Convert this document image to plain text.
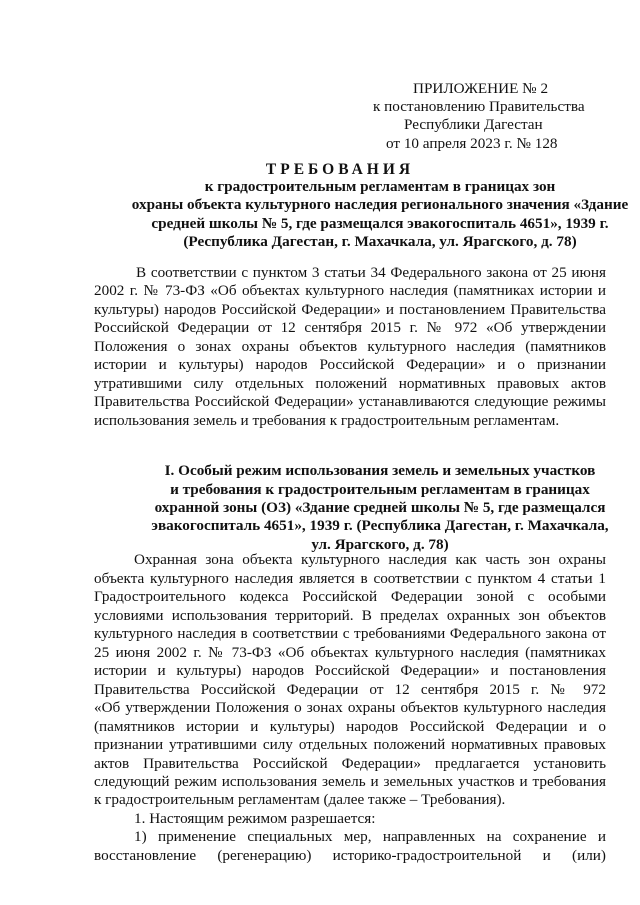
ПРИЛОЖЕНИЕ № 2
к постановлению Правительства
Республики Дагестан
от 10 апреля 2023 г. № 128
ТРЕБОВАНИЯ
к градостроительным регламентам в границах зон
охраны объекта культурного наследия регионального значения «Здание
средней школы № 5, где размещался эвакогоспиталь 4651», 1939 г.
(Республика Дагестан, г. Махачкала, ул. Ярагского, д. 78)
В соответствии с пунктом 3 статьи 34 Федерального закона от 25 июня
2002 г. № 73-ФЗ «Об объектах культурного наследия (памятниках истории и
культуры) народов Российской Федерации» и постановлением Правительства
Российской Федерации от 12 сентября 2015 г. № 972 «Об утверждении
Положения о зонах охраны объектов культурного наследия (памятников
истории и культуры) народов Российской Федерации» и о признании
утратившими силу отдельных положений нормативных правовых актов
Правительства Российской Федерации» устанавливаются следующие режимы
использования земель и требования к градостроительным регламентам.
I. Особый режим использования земель и земельных участков
и требования к градостроительным регламентам в границах
охранной зоны (ОЗ) «Здание средней школы № 5, где размещался
эвакогоспиталь 4651», 1939 г. (Республика Дагестан, г. Махачкала,
ул. Ярагского, д. 78)
Охранная зона объекта культурного наследия как часть зон охраны
объекта культурного наследия является в соответствии с пунктом 4 статьи 1
Градостроительного кодекса Российской Федерации зоной с особыми
условиями использования территорий. В пределах охранных зон объектов
культурного наследия в соответствии с требованиями Федерального закона от
25 июня 2002 г. № 73-ФЗ «Об объектах культурного наследия (памятниках
истории и культуры) народов Российской Федерации» и постановления
Правительства Российской Федерации от 12 сентября 2015 г. № 972
«Об утверждении Положения о зонах охраны объектов культурного наследия
(памятников истории и культуры) народов Российской Федерации и о
признании утратившими силу отдельных положений нормативных правовых
актов Правительства Российской Федерации» предлагается установить
следующий режим использования земель и земельных участков и требования
к градостроительным регламентам (далее также – Требования).
1. Настоящим режимом разрешается:
1) применение специальных мер, направленных на сохранение и
восстановление (регенерацию) историко-градостроительной и (или)
